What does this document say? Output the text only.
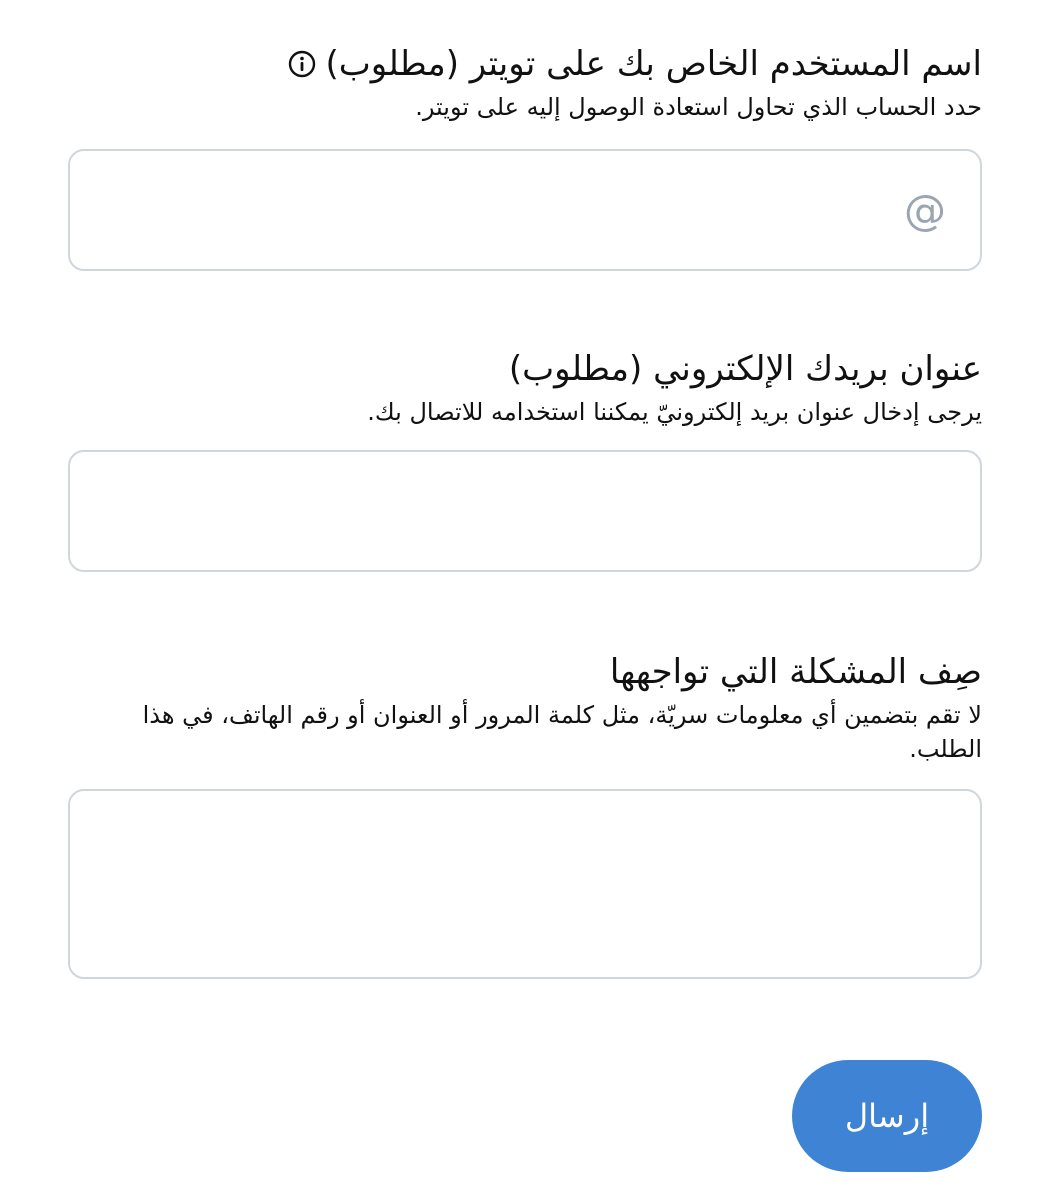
اسم المستخدم الخاص بك على تويتر (مطلوب)

حدد الحساب الذي تحاول استعادة الوصول إليه على تويتر.

@
عنوان بريدك الإلكتروني (مطلوب)

يرجى إدخال عنوان بريد إلكترونيّ يمكننا استخدامه للاتصال بك.

صِف المشكلة التي تواجهها

لا تقم بتضمين أي معلومات سريّة، مثل كلمة المرور أو العنوان أو رقم الهاتف، في هذا الطلب.

إرسال
